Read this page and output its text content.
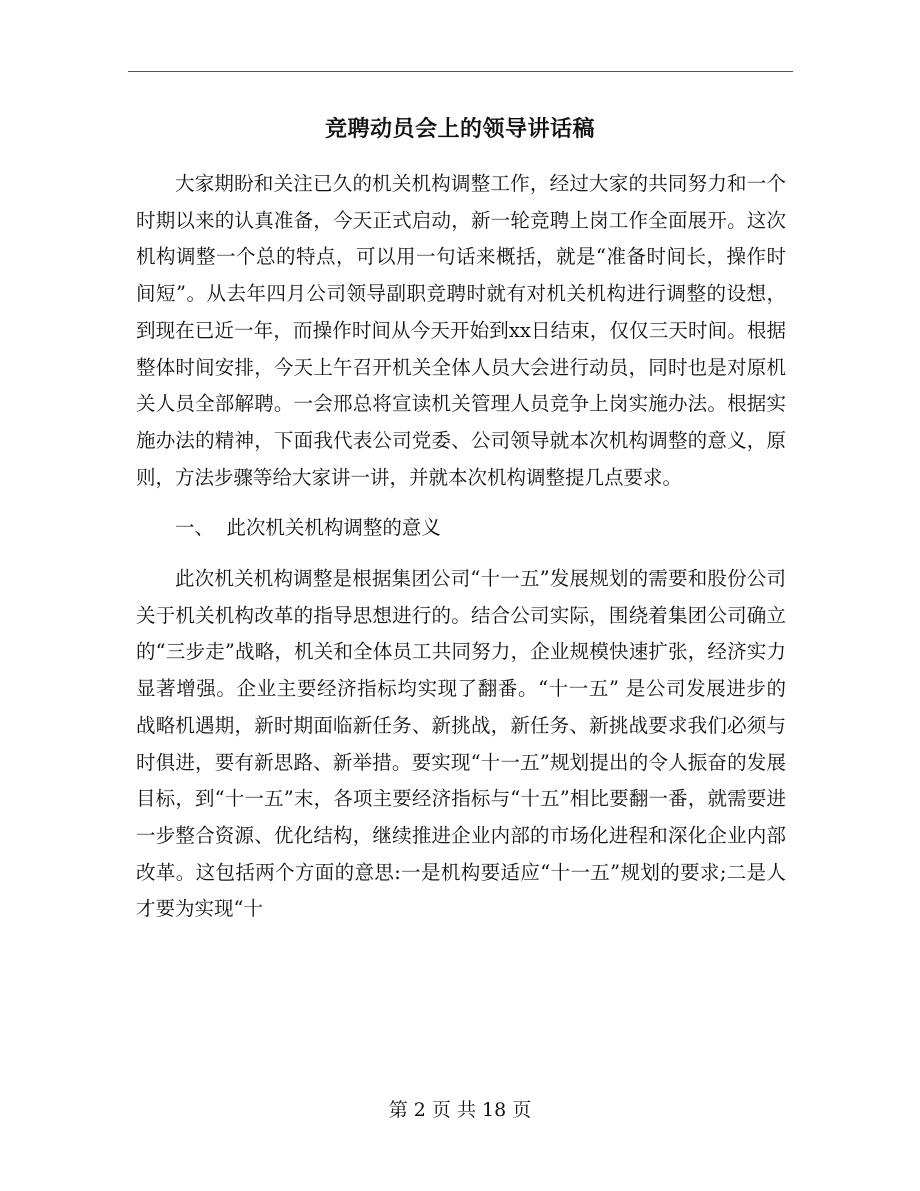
竞聘动员会上的领导讲话稿

大家期盼和关注已久的机关机构调整工作，经过大家的共同努力和一个时期以来的认真准备，今天正式启动，新一轮竞聘上岗工作全面展开。这次机构调整一个总的特点，可以用一句话来概括，就是“准备时间长，操作时间短”。从去年四月公司领导副职竞聘时就有对机关机构进行调整的设想，到现在已近一年，而操作时间从今天开始到xx日结束，仅仅三天时间。根据整体时间安排，今天上午召开机关全体人员大会进行动员，同时也是对原机关人员全部解聘。一会邢总将宣读机关管理人员竞争上岗实施办法。根据实施办法的精神，下面我代表公司党委、公司领导就本次机构调整的意义，原则，方法步骤等给大家讲一讲，并就本次机构调整提几点要求。

一、  此次机关机构调整的意义

此次机关机构调整是根据集团公司“十一五”发展规划的需要和股份公司关于机关机构改革的指导思想进行的。结合公司实际，围绕着集团公司确立的“三步走”战略，机关和全体员工共同努力，企业规模快速扩张，经济实力显著增强。企业主要经济指标均实现了翻番。“十一五” 是公司发展进步的战略机遇期，新时期面临新任务、新挑战，新任务、新挑战要求我们必须与时俱进，要有新思路、新举措。要实现“十一五”规划提出的令人振奋的发展目标，到“十一五”末，各项主要经济指标与“十五”相比要翻一番，就需要进一步整合资源、优化结构，继续推进企业内部的市场化进程和深化企业内部改革。这包括两个方面的意思:一是机构要适应“十一五”规划的要求;二是人才要为实现“十

第 2 页 共 18 页
